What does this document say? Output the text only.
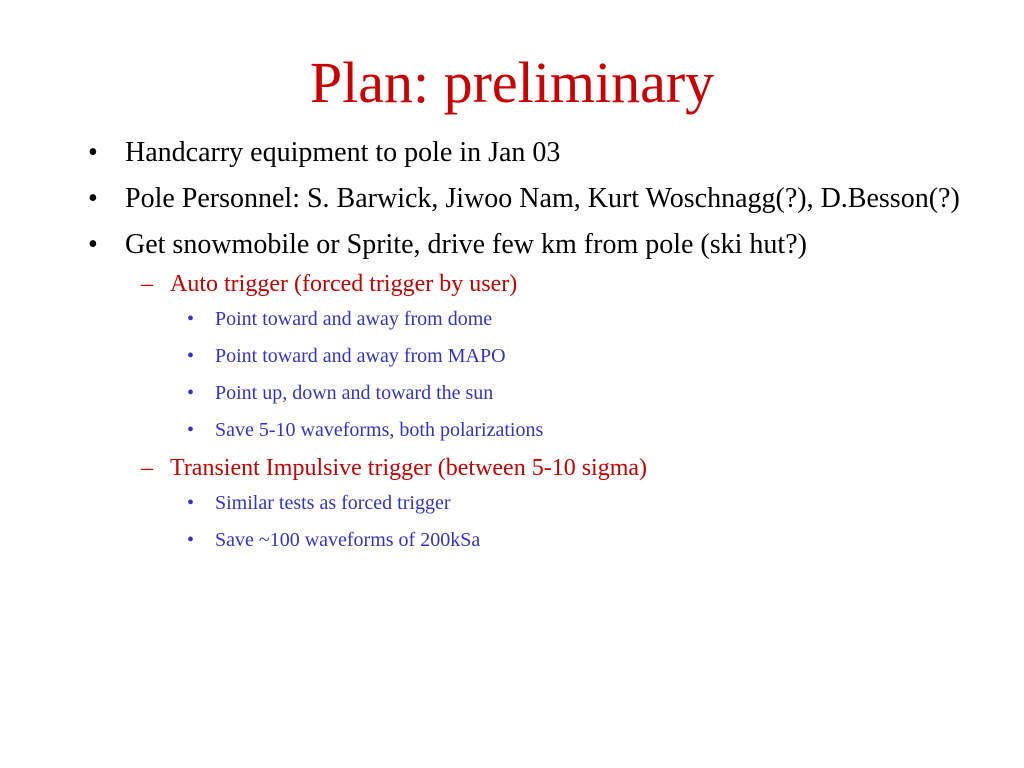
Plan: preliminary
• Handcarry equipment to pole in Jan 03
• Pole Personnel: S. Barwick, Jiwoo Nam, Kurt Woschnagg(?), D.Besson(?)
• Get snowmobile or Sprite, drive few km from pole (ski hut?)
– Auto trigger (forced trigger by user)
• Point toward and away from dome
• Point toward and away from MAPO
• Point up, down and toward the sun
• Save 5-10 waveforms, both polarizations
– Transient Impulsive trigger (between 5-10 sigma)
• Similar tests as forced trigger
• Save ~100 waveforms of 200kSa
